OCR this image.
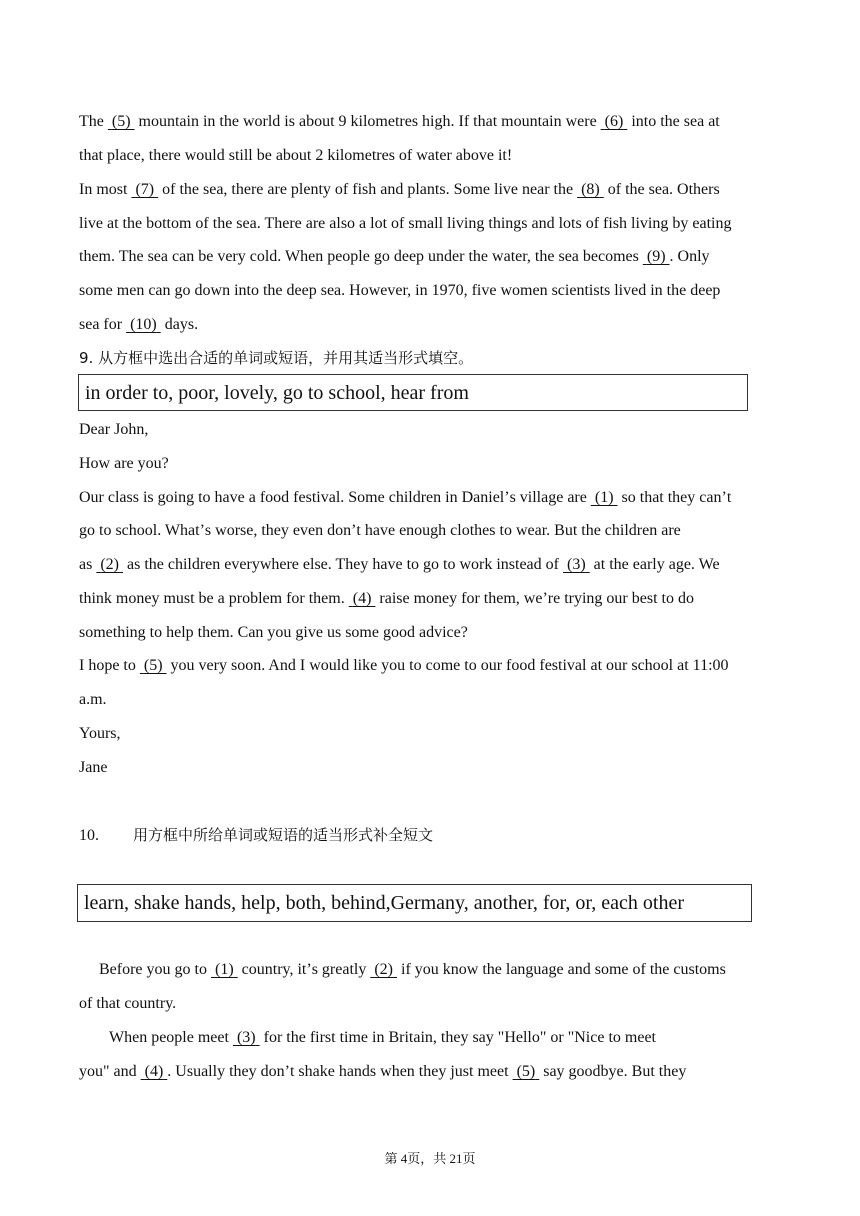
The  (5)  mountain in the world is about 9 kilometres high. If that mountain were  (6)  into the sea at
that place, there would still be about 2 kilometres of water above it!
In most  (7)  of the sea, there are plenty of fish and plants. Some live near the  (8)  of the sea. Others
live at the bottom of the sea. There are also a lot of small living things and lots of fish living by eating
them. The sea can be very cold. When people go deep under the water, the sea becomes  (9) . Only
some men can go down into the deep sea. However, in 1970, five women scientists lived in the deep
sea for  (10)  days.
9. 从方框中选出合适的单词或短语，并用其适当形式填空。
in order to, poor, lovely, go to school, hear from
Dear John,
How are you?
Our class is going to have a food festival. Some children in Danielʼs village are  (1)  so that they canʼt
go to school. Whatʼs worse, they even donʼt have enough clothes to wear. But the children are
as  (2)  as the children everywhere else. They have to go to work instead of  (3)  at the early age. We
think money must be a problem for them.  (4)  raise money for them, weʼre trying our best to do
something to help them. Can you give us some good advice?
I hope to  (5)  you very soon. And I would like you to come to our food festival at our school at 11:00
a.m.
Yours,
Jane
10. 用方框中所给单词或短语的适当形式补全短文
learn, shake hands, help, both, behind,Germany, another, for, or, each other
Before you go to  (1)  country, itʼs greatly  (2)  if you know the language and some of the customs
of that country.
When people meet  (3)  for the first time in Britain, they say "Hello" or "Nice to meet
you" and  (4) . Usually they donʼt shake hands when they just meet  (5)  say goodbye. But they
第 4页，共 21页
